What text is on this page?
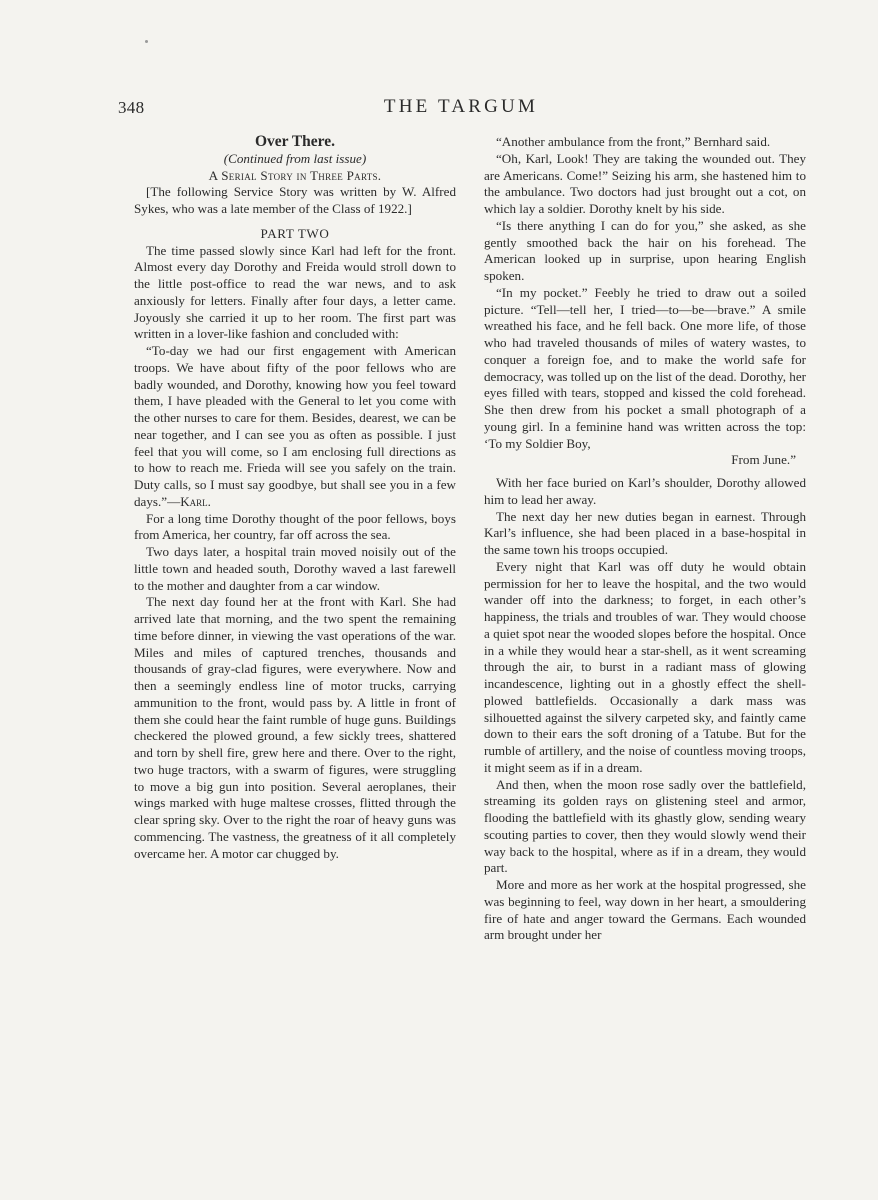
348	THE TARGUM

Over There.

(Continued from last issue)

A Serial Story in Three Parts.

[The following Service Story was written by W. Alfred Sykes, who was a late member of the Class of 1922.]

PART TWO

The time passed slowly since Karl had left for the front. Almost every day Dorothy and Freida would stroll down to the little post-office to read the war news, and to ask anxiously for letters. Finally after four days, a letter came. Joyously she carried it up to her room. The first part was written in a lover-like fashion and concluded with:

“To-day we had our first engagement with American troops. We have about fifty of the poor fellows who are badly wounded, and Dorothy, knowing how you feel toward them, I have pleaded with the General to let you come with the other nurses to care for them. Besides, dearest, we can be near together, and I can see you as often as possible. I just feel that you will come, so I am enclosing full directions as to how to reach me. Frieda will see you safely on the train. Duty calls, so I must say goodbye, but shall see you in a few days.”—Karl.

For a long time Dorothy thought of the poor fellows, boys from America, her country, far off across the sea.

Two days later, a hospital train moved noisily out of the little town and headed south, Dorothy waved a last farewell to the mother and daughter from a car window.

The next day found her at the front with Karl. She had arrived late that morning, and the two spent the remaining time before dinner, in viewing the vast operations of the war. Miles and miles of captured trenches, thousands and thousands of gray-clad figures, were everywhere. Now and then a seemingly endless line of motor trucks, carrying ammunition to the front, would pass by. A little in front of them she could hear the faint rumble of huge guns. Buildings checkered the plowed ground, a few sickly trees, shattered and torn by shell fire, grew here and there. Over to the right, two huge tractors, with a swarm of figures, were struggling to move a big gun into position. Several aeroplanes, their wings marked with huge maltese crosses, flitted through the clear spring sky. Over to the right the roar of heavy guns was commencing. The vastness, the greatness of it all completely overcame her. A motor car chugged by.

“Another ambulance from the front,” Bernhard said.

“Oh, Karl, Look! They are taking the wounded out. They are Americans. Come!” Seizing his arm, she hastened him to the ambulance. Two doctors had just brought out a cot, on which lay a soldier. Dorothy knelt by his side.

“Is there anything I can do for you,” she asked, as she gently smoothed back the hair on his forehead. The American looked up in surprise, upon hearing English spoken.

“In my pocket.” Feebly he tried to draw out a soiled picture. “Tell—tell her, I tried—to—be—brave.” A smile wreathed his face, and he fell back. One more life, of those who had traveled thousands of miles of watery wastes, to conquer a foreign foe, and to make the world safe for democracy, was tolled up on the list of the dead. Dorothy, her eyes filled with tears, stopped and kissed the cold forehead. She then drew from his pocket a small photograph of a young girl. In a feminine hand was written across the top: ‘To my Soldier Boy,

From June.”

With her face buried on Karl’s shoulder, Dorothy allowed him to lead her away.

The next day her new duties began in earnest. Through Karl’s influence, she had been placed in a base-hospital in the same town his troops occupied.

Every night that Karl was off duty he would obtain permission for her to leave the hospital, and the two would wander off into the darkness; to forget, in each other’s happiness, the trials and troubles of war. They would choose a quiet spot near the wooded slopes before the hospital. Once in a while they would hear a star-shell, as it went screaming through the air, to burst in a radiant mass of glowing incandescence, lighting out in a ghostly effect the shell-plowed battlefields. Occasionally a dark mass was silhouetted against the silvery carpeted sky, and faintly came down to their ears the soft droning of a Tatube. But for the rumble of artillery, and the noise of countless moving troops, it might seem as if in a dream.

And then, when the moon rose sadly over the battlefield, streaming its golden rays on glistening steel and armor, flooding the battlefield with its ghastly glow, sending weary scouting parties to cover, then they would slowly wend their way back to the hospital, where as if in a dream, they would part.

More and more as her work at the hospital progressed, she was beginning to feel, way down in her heart, a smouldering fire of hate and anger toward the Germans. Each wounded arm brought under her
